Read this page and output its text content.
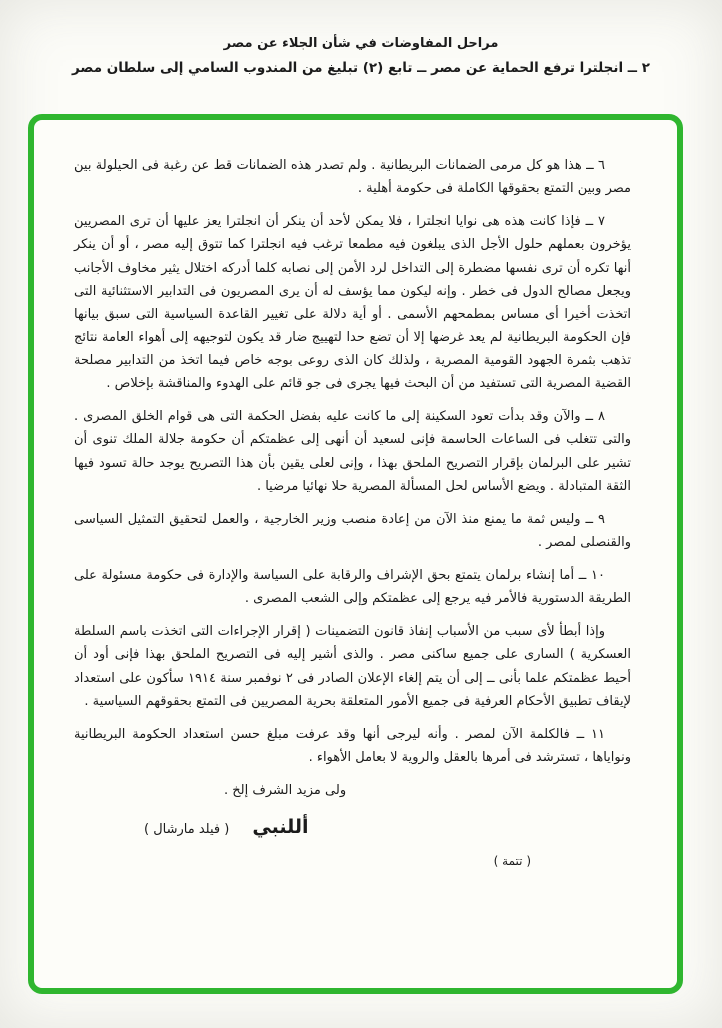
مراحل المفاوضات في شأن الجلاء عن مصر
٢ ــ انجلترا ترفع الحماية عن مصر ــ تابع (٢) تبليغ من المندوب السامي إلى سلطان مصر

٦ ــ هذا هو كل مرمى الضمانات البريطانية . ولم تصدر هذه الضمانات قط عن رغبة فى الحيلولة بين مصر وبين التمتع بحقوقها الكاملة فى حكومة أهلية .

٧ ــ فإذا كانت هذه هى نوايا انجلترا ، فلا يمكن لأحد أن ينكر أن انجلترا يعز عليها أن ترى المصريين يؤخرون بعملهم حلول الأجل الذى يبلغون فيه مطمعا ترغب فيه انجلترا كما تتوق إليه مصر ، أو أن ينكر أنها تكره أن ترى نفسها مضطرة إلى التداخل لرد الأمن إلى نصابه كلما أدركه اختلال يثير مخاوف الأجانب ويجعل مصالح الدول فى خطر . وإنه ليكون مما يؤسف له أن يرى المصريون فى التدابير الاستثنائية التى اتخذت أخيرا أى مساس بمطمحهم الأسمى . أو أية دلالة على تغيير القاعدة السياسية التى سبق بيانها فإن الحكومة البريطانية لم يعد غرضها إلا أن تضع حدا لتهييج ضار قد يكون لتوجيهه إلى أهواء العامة نتائج تذهب بثمرة الجهود القومية المصرية ، ولذلك كان الذى روعى بوجه خاص فيما اتخذ من التدابير مصلحة القضية المصرية التى تستفيد من أن البحث فيها يجرى فى جو قائم على الهدوء والمناقشة بإخلاص .

٨ ــ والآن وقد بدأت تعود السكينة إلى ما كانت عليه بفضل الحكمة التى هى قوام الخلق المصرى . والتى تتغلب فى الساعات الحاسمة فإنى لسعيد أن أنهى إلى عظمتكم أن حكومة جلالة الملك تنوى أن تشير على البرلمان بإقرار التصريح الملحق بهذا ، وإنى لعلى يقين بأن هذا التصريح يوجد حالة تسود فيها الثقة المتبادلة . ويضع الأساس لحل المسألة المصرية حلا نهائيا مرضيا .

٩ ــ وليس ثمة ما يمنع منذ الآن من إعادة منصب وزير الخارجية ، والعمل لتحقيق التمثيل السياسى والقنصلى لمصر .

١٠ ــ أما إنشاء برلمان يتمتع بحق الإشراف والرقابة على السياسة والإدارة فى حكومة مسئولة على الطريقة الدستورية فالأمر فيه يرجع إلى عظمتكم وإلى الشعب المصرى .

وإذا أبطأ لأى سبب من الأسباب إنفاذ قانون التضمينات ( إقرار الإجراءات التى اتخذت باسم السلطة العسكرية ) السارى على جميع ساكنى مصر . والذى أشير إليه فى التصريح الملحق بهذا فإنى أود أن أحيط عظمتكم علما بأنى ــ إلى أن يتم إلغاء الإعلان الصادر فى ٢ نوفمبر سنة ١٩١٤ سأكون على استعداد لإيقاف تطبيق الأحكام العرفية فى جميع الأمور المتعلقة بحرية المصريين فى التمتع بحقوقهم السياسية .

١١ ــ فالكلمة الآن لمصر . وأنه ليرجى أنها وقد عرفت مبلغ حسن استعداد الحكومة البريطانية ونواياها ، تسترشد فى أمرها بالعقل والروية لا بعامل الأهواء .

ولى مزيد الشرف إلخ .
أللنبي ( فيلد مارشال )
( تتمة )
